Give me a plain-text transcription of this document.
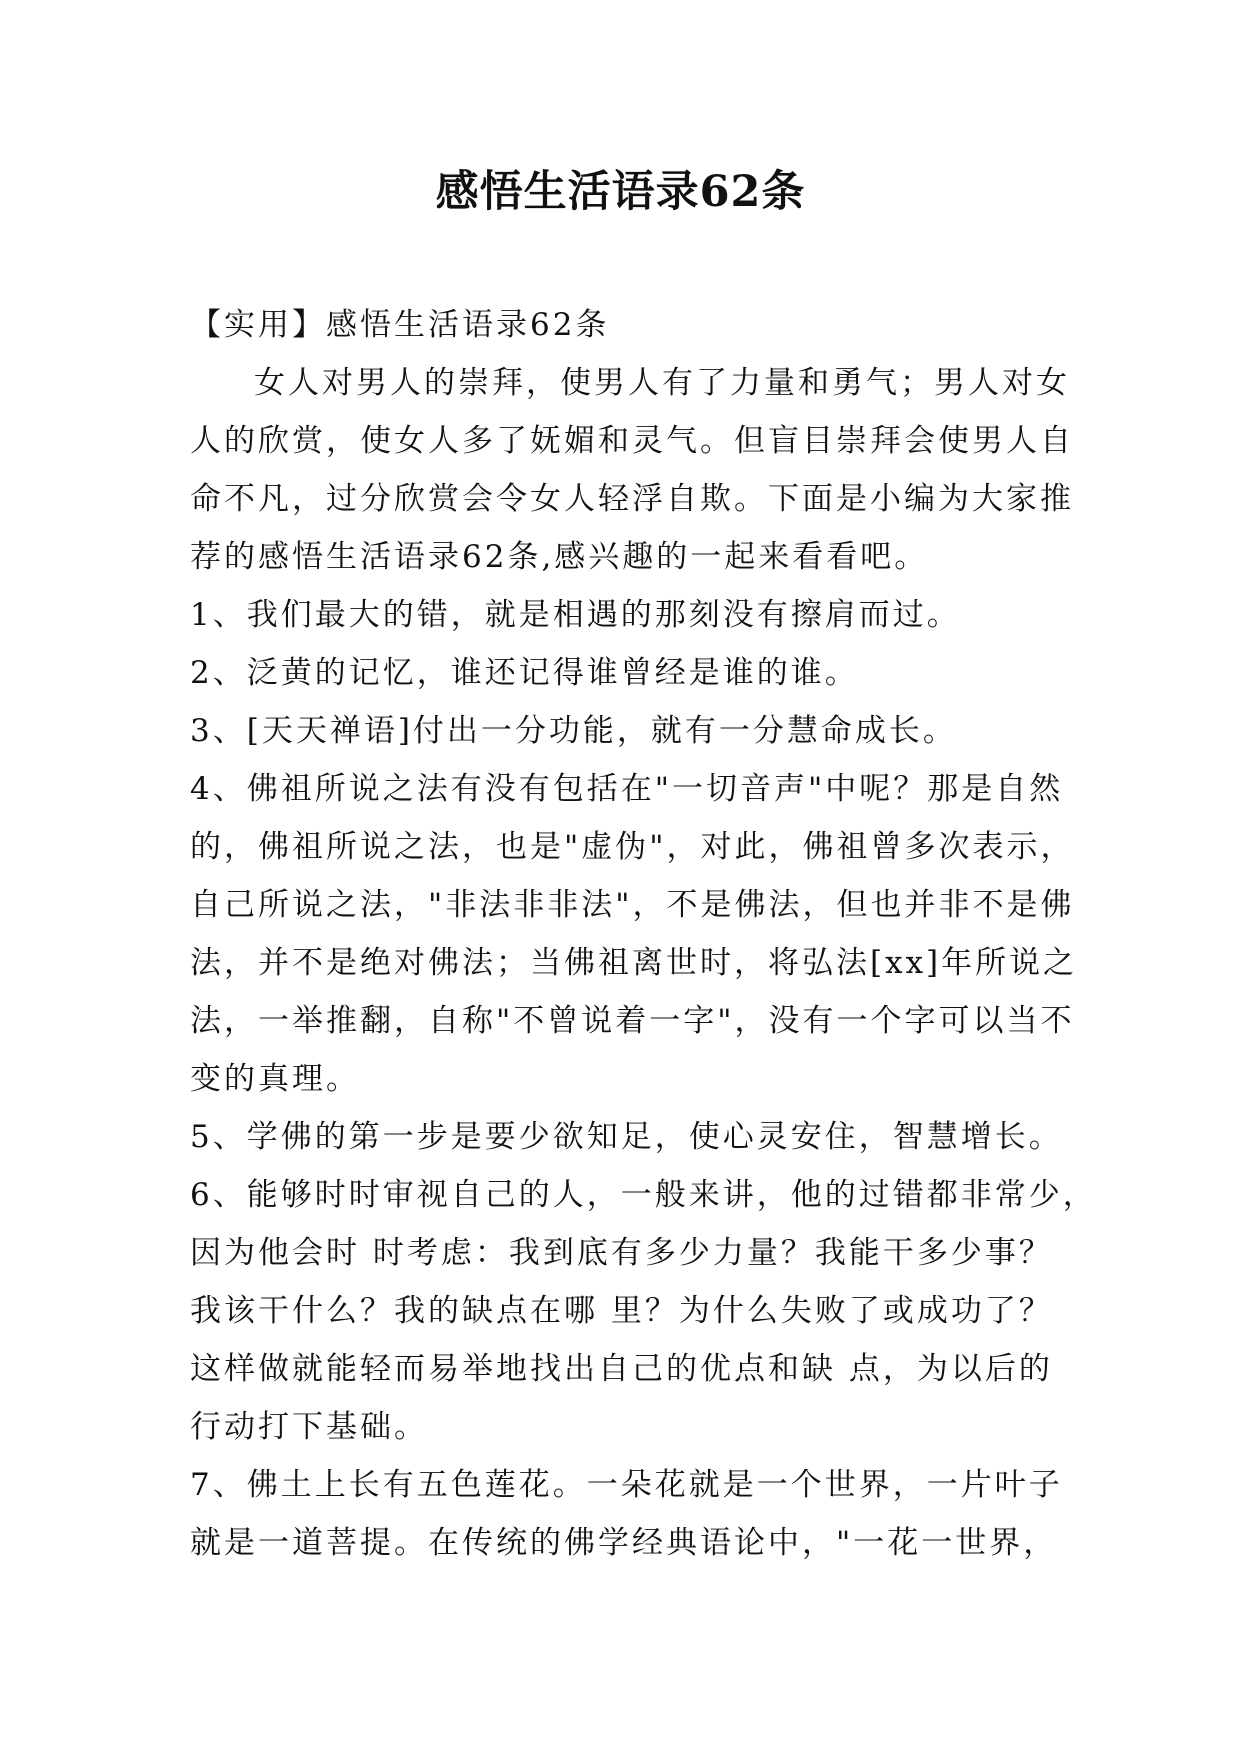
感悟生活语录62条

【实用】感悟生活语录62条

女人对男人的崇拜，使男人有了力量和勇气；男人对女

人的欣赏，使女人多了妩媚和灵气。但盲目崇拜会使男人自

命不凡，过分欣赏会令女人轻浮自欺。下面是小编为大家推

荐的感悟生活语录62条,感兴趣的一起来看看吧。

1、我们最大的错，就是相遇的那刻没有擦肩而过。

2、泛黄的记忆，谁还记得谁曾经是谁的谁。

3、[天天禅语]付出一分功能，就有一分慧命成长。

4、佛祖所说之法有没有包括在"一切音声"中呢？那是自然

的，佛祖所说之法，也是"虚伪"，对此，佛祖曾多次表示，

自己所说之法，"非法非非法"，不是佛法，但也并非不是佛

法，并不是绝对佛法；当佛祖离世时，将弘法[xx]年所说之

法，一举推翻，自称"不曾说着一字"，没有一个字可以当不

变的真理。

5、学佛的第一步是要少欲知足，使心灵安住，智慧增长。

6、能够时时审视自己的人，一般来讲，他的过错都非常少，

因为他会时 时考虑：我到底有多少力量？我能干多少事？

我该干什么？我的缺点在哪 里？为什么失败了或成功了？

这样做就能轻而易举地找出自己的优点和缺 点，为以后的

行动打下基础。

7、佛土上长有五色莲花。一朵花就是一个世界，一片叶子

就是一道菩提。在传统的佛学经典语论中，"一花一世界，
